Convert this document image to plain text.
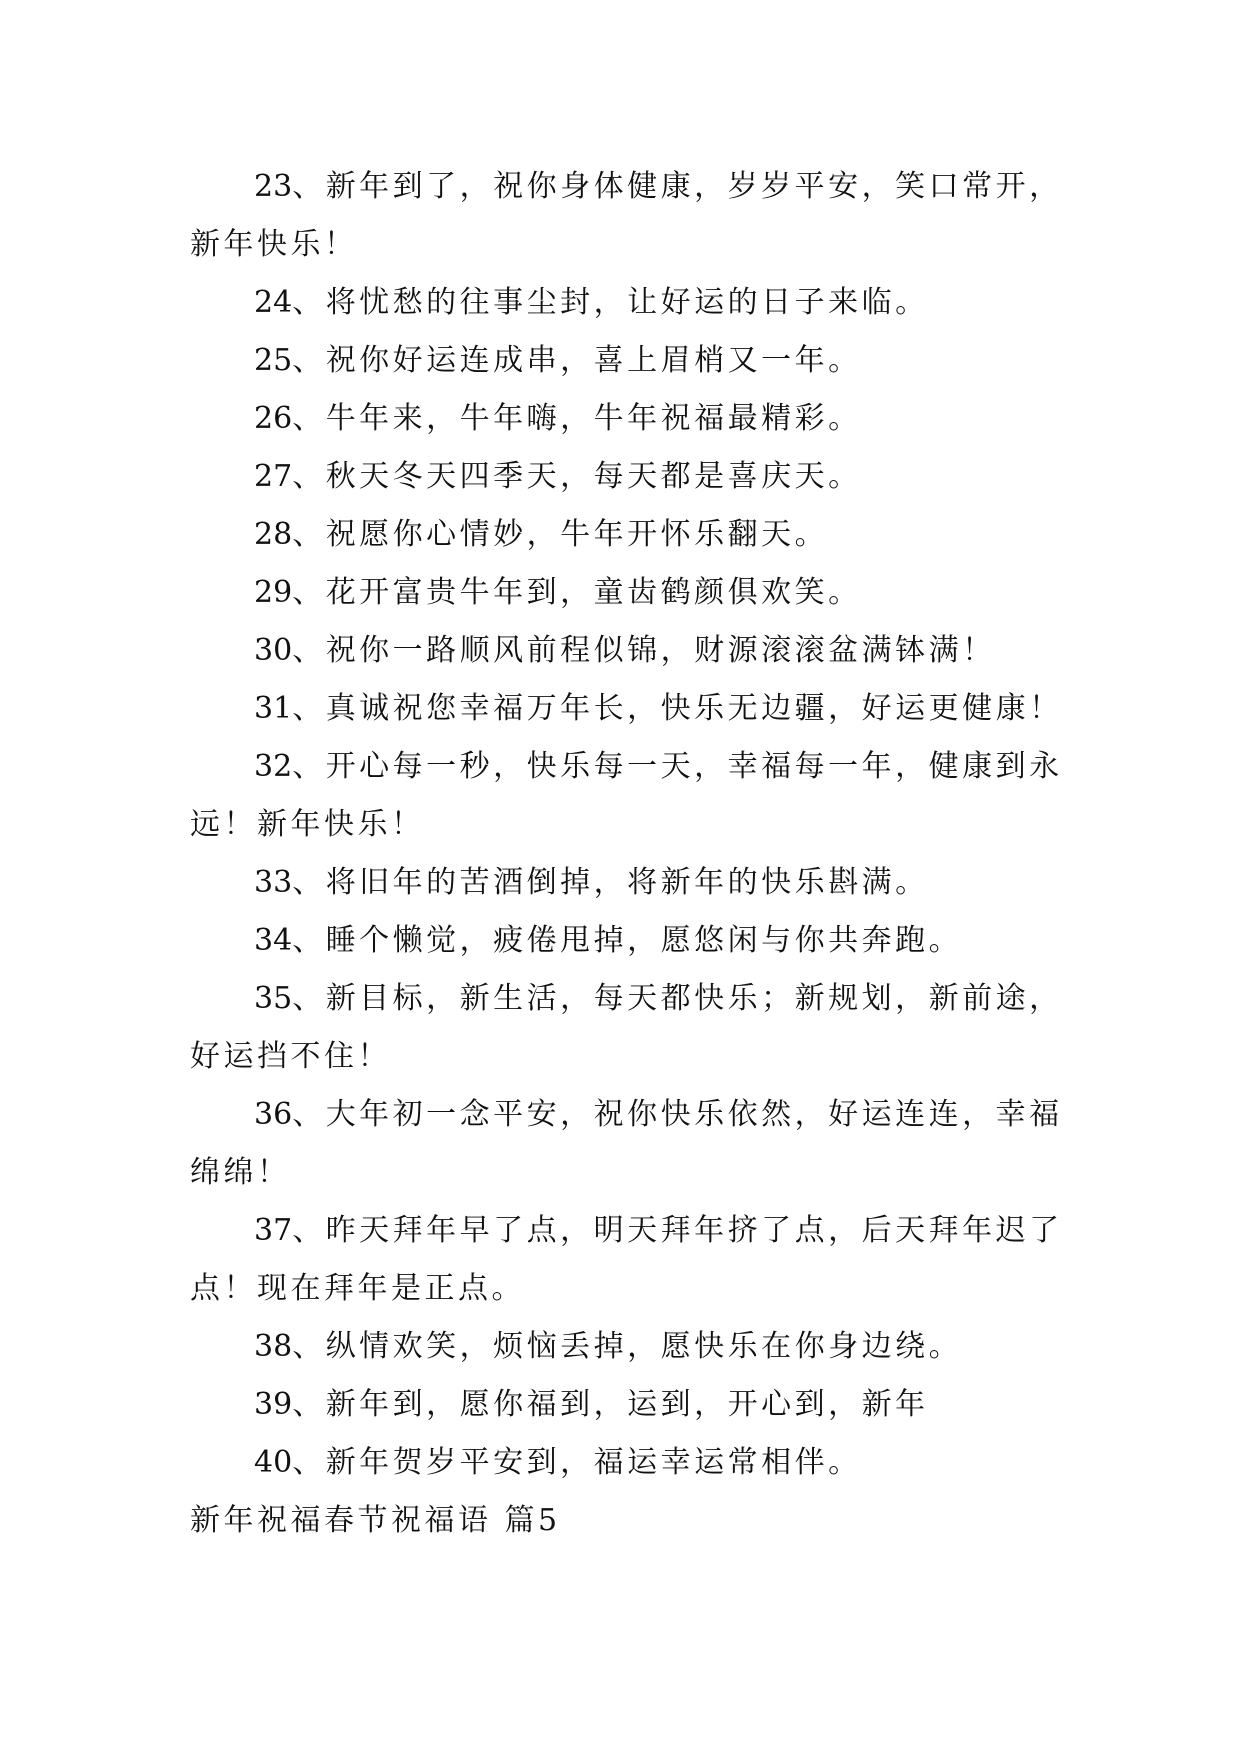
23、新年到了，祝你身体健康，岁岁平安，笑口常开，新年快乐！

24、将忧愁的往事尘封，让好运的日子来临。

25、祝你好运连成串，喜上眉梢又一年。

26、牛年来，牛年嗨，牛年祝福最精彩。

27、秋天冬天四季天，每天都是喜庆天。

28、祝愿你心情妙，牛年开怀乐翻天。

29、花开富贵牛年到，童齿鹤颜俱欢笑。

30、祝你一路顺风前程似锦，财源滚滚盆满钵满！

31、真诚祝您幸福万年长，快乐无边疆，好运更健康！

32、开心每一秒，快乐每一天，幸福每一年，健康到永远！新年快乐！

33、将旧年的苦酒倒掉，将新年的快乐斟满。

34、睡个懒觉，疲倦甩掉，愿悠闲与你共奔跑。

35、新目标，新生活，每天都快乐；新规划，新前途，好运挡不住！

36、大年初一念平安，祝你快乐依然，好运连连，幸福绵绵！

37、昨天拜年早了点，明天拜年挤了点，后天拜年迟了点！现在拜年是正点。

38、纵情欢笑，烦恼丢掉，愿快乐在你身边绕。

39、新年到，愿你福到，运到，开心到，新年

40、新年贺岁平安到，福运幸运常相伴。

新年祝福春节祝福语 篇5
